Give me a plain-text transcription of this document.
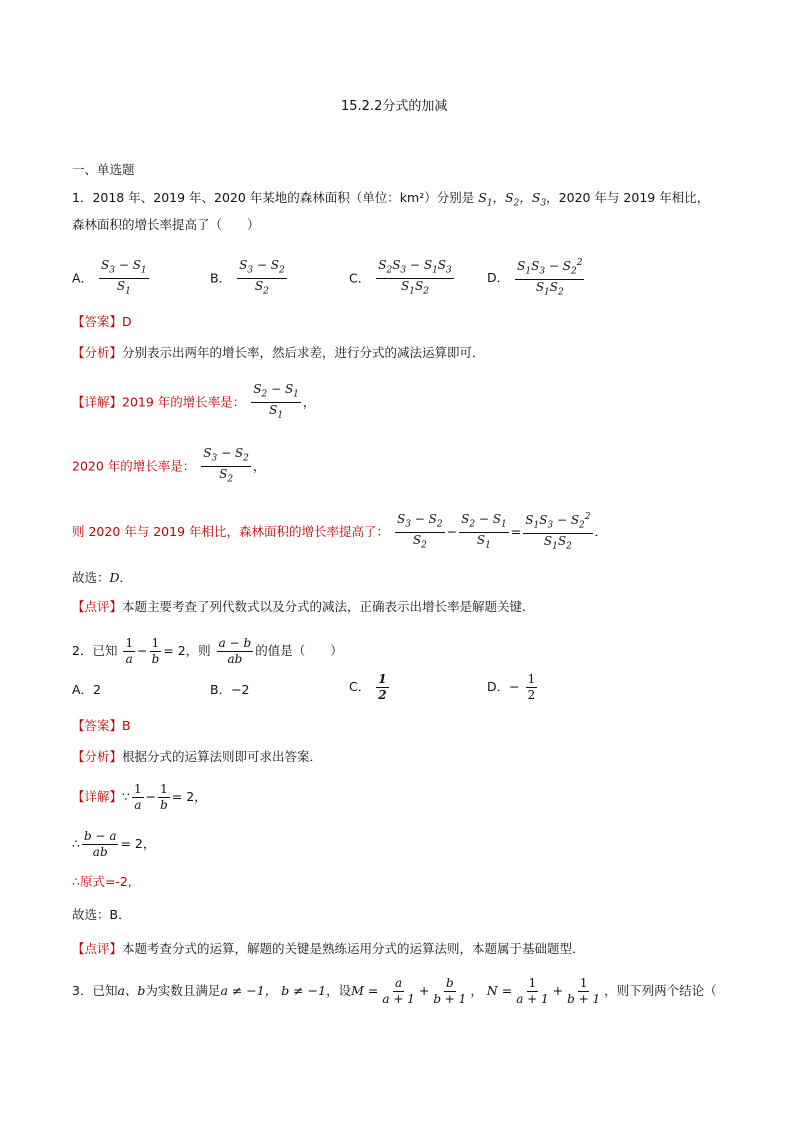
15.2.2分式的加减
一、单选题
1．2018 年、2019 年、2020 年某地的森林面积（单位：km²）分别是 $S_1$，$S_2$，$S_3$，2020 年与 2019 年相比，
森林面积的增长率提高了（　　）
A． $\frac{S_3 - S_1}{S_1}$	B． $\frac{S_3 - S_2}{S_2}$	C． $\frac{S_2S_3 - S_1S_3}{S_1S_2}$	D． $\frac{S_1S_3 - S_2^2}{S_1S_2}$
【答案】D
【分析】分别表示出两年的增长率，然后求差，进行分式的减法运算即可．
【详解】2019 年的增长率是： $\frac{S_2 - S_1}{S_1}$ ，
2020 年的增长率是： $\frac{S_3 - S_2}{S_2}$ ，
则 2020 年与 2019 年相比，森林面积的增长率提高了： $\frac{S_3 - S_2}{S_2} - \frac{S_2 - S_1}{S_1} = \frac{S_1S_3 - S_2^2}{S_1S_2}$ ．
故选：D．
【点评】本题主要考查了列代数式以及分式的减法，正确表示出增长率是解题关键．
2．已知 $\frac{1}{a} - \frac{1}{b} = 2$，则 $\frac{a - b}{ab}$ 的值是（　　）
A．2	B．−2	C． $\frac{1}{2}$	D．− $\frac{1}{2}$
【答案】B
【分析】根据分式的运算法则即可求出答案．
【详解】∵ $\frac{1}{a} - \frac{1}{b} = 2$，
∴ $\frac{b - a}{ab} = 2$，
∴原式=-2,
故选：B．
【点评】本题考查分式的运算，解题的关键是熟练运用分式的运算法则，本题属于基础题型．
3．已知a、b为实数且满足a ≠ −1， b ≠ −1，设$M = \frac{a}{a + 1} + \frac{b}{b + 1}$ ， $N = \frac{1}{a + 1} + \frac{1}{b + 1}$ ，则下列两个结论（
